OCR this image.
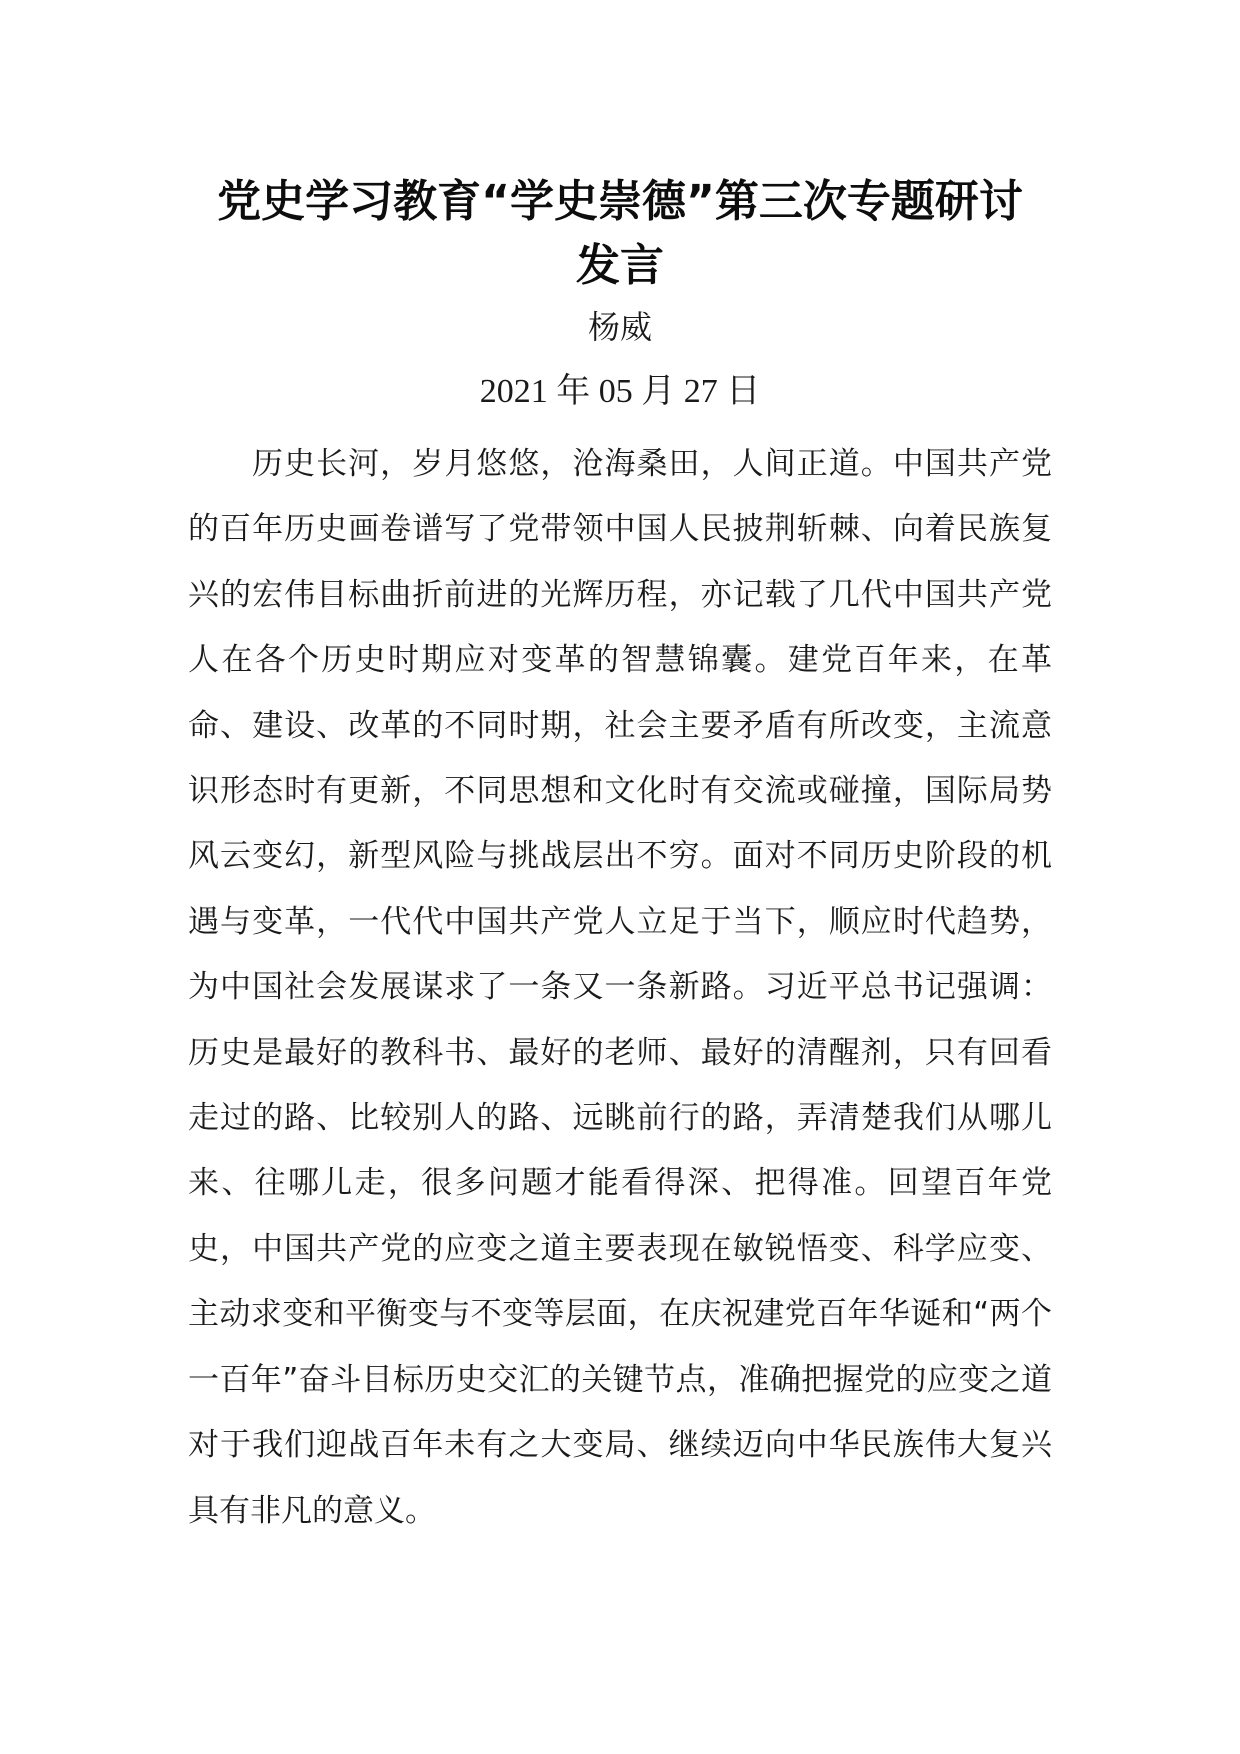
党史学习教育“学史崇德”第三次专题研讨发言
杨威
2021 年 05 月 27 日

历史长河，岁月悠悠，沧海桑田，人间正道。中国共产党的百年历史画卷谱写了党带领中国人民披荆斩棘、向着民族复兴的宏伟目标曲折前进的光辉历程，亦记载了几代中国共产党人在各个历史时期应对变革的智慧锦囊。建党百年来，在革命、建设、改革的不同时期，社会主要矛盾有所改变，主流意识形态时有更新，不同思想和文化时有交流或碰撞，国际局势风云变幻，新型风险与挑战层出不穷。面对不同历史阶段的机遇与变革，一代代中国共产党人立足于当下，顺应时代趋势，为中国社会发展谋求了一条又一条新路。习近平总书记强调：历史是最好的教科书、最好的老师、最好的清醒剂，只有回看走过的路、比较别人的路、远眺前行的路，弄清楚我们从哪儿来、往哪儿走，很多问题才能看得深、把得准。回望百年党史，中国共产党的应变之道主要表现在敏锐悟变、科学应变、主动求变和平衡变与不变等层面，在庆祝建党百年华诞和“两个一百年”奋斗目标历史交汇的关键节点，准确把握党的应变之道对于我们迎战百年未有之大变局、继续迈向中华民族伟大复兴具有非凡的意义。
